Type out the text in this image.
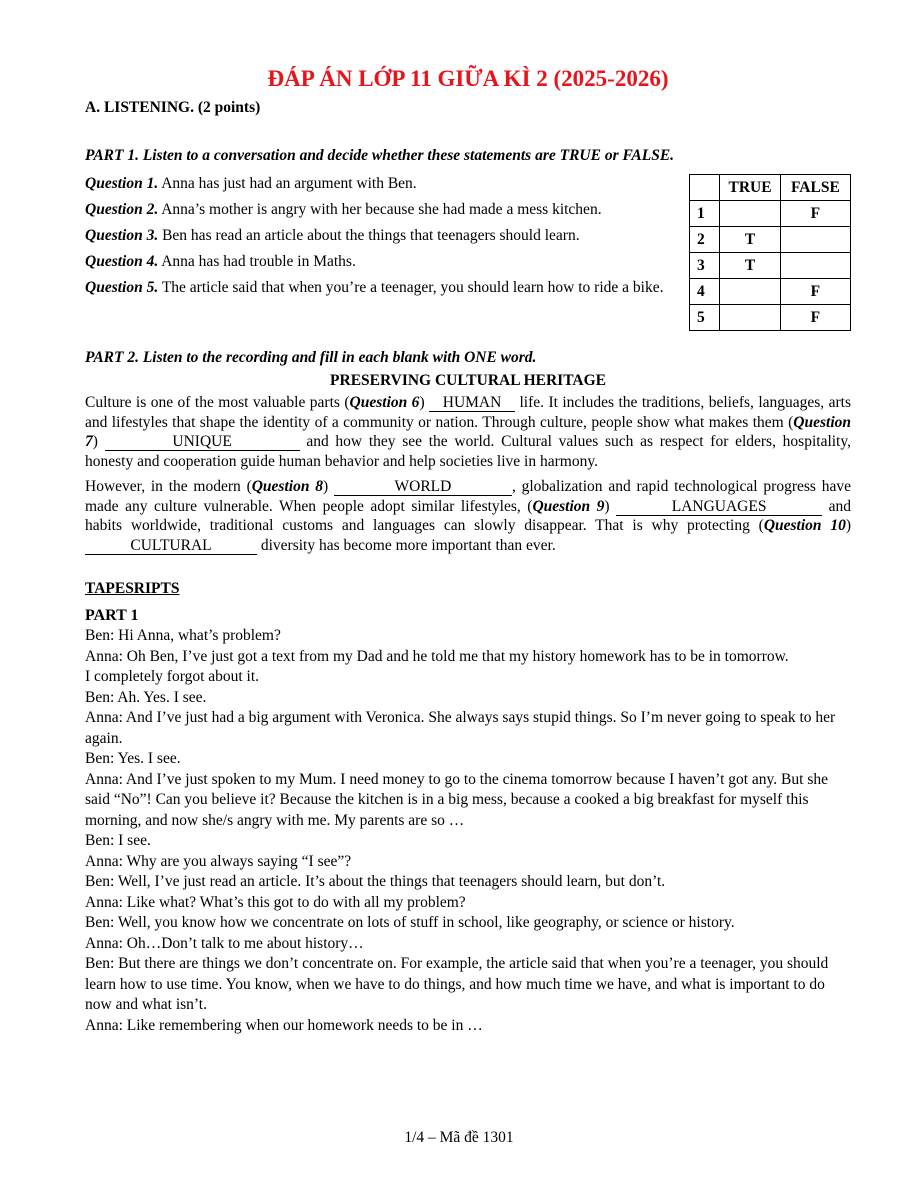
ĐÁP ÁN LỚP 11 GIỮA KÌ 2 (2025-2026)
A. LISTENING. (2 points)
PART 1. Listen to a conversation and decide whether these statements are TRUE or FALSE.
Question 1. Anna has just had an argument with Ben.
Question 2. Anna’s mother is angry with her because she had made a mess kitchen.
Question 3. Ben has read an article about the things that teenagers should learn.
Question 4. Anna has had trouble in Maths.
Question 5. The article said that when you’re a teenager, you should learn how to ride a bike.
	TRUE	FALSE
1		F
2	T	
3	T	
4		F
5		F
PART 2. Listen to the recording and fill in each blank with ONE word.
PRESERVING CULTURAL HERITAGE
Culture is one of the most valuable parts (Question 6) HUMAN life. It includes the traditions, beliefs, languages, arts and lifestyles that shape the identity of a community or nation. Through culture, people show what makes them (Question 7)	UNIQUE	and how they see the world. Cultural values such as respect for elders, hospitality, honesty and cooperation guide human behavior and help societies live in harmony.
However, in the modern (Question 8)	WORLD	, globalization and rapid technological progress have made any culture vulnerable. When people adopt similar lifestyles, (Question 9)	LANGUAGES	and habits worldwide, traditional customs and languages can slowly disappear. That is why protecting (Question 10) CULTURAL	diversity has become more important than ever.
TAPESRIPTS
PART 1
Ben: Hi Anna, what’s problem?
Anna: Oh Ben, I’ve just got a text from my Dad and he told me that my history homework has to be in tomorrow.
I completely forgot about it.
Ben: Ah. Yes. I see.
Anna: And I’ve just had a big argument with Veronica. She always says stupid things. So I’m never going to speak to her again.
Ben: Yes. I see.
Anna: And I’ve just spoken to my Mum. I need money to go to the cinema tomorrow because I haven’t got any. But she said “No”! Can you believe it? Because the kitchen is in a big mess, because a cooked a big breakfast for myself this morning, and now she/s angry with me. My parents are so …
Ben: I see.
Anna: Why are you always saying “I see”?
Ben: Well, I’ve just read an article. It’s about the things that teenagers should learn, but don’t.
Anna: Like what? What’s this got to do with all my problem?
Ben: Well, you know how we concentrate on lots of stuff in school, like geography, or science or history.
Anna: Oh…Don’t talk to me about history…
Ben: But there are things we don’t concentrate on. For example, the article said that when you’re a teenager, you should learn how to use time. You know, when we have to do things, and how much time we have, and what is important to do now and what isn’t.
Anna: Like remembering when our homework needs to be in …
1/4 – Mã đề 1301
